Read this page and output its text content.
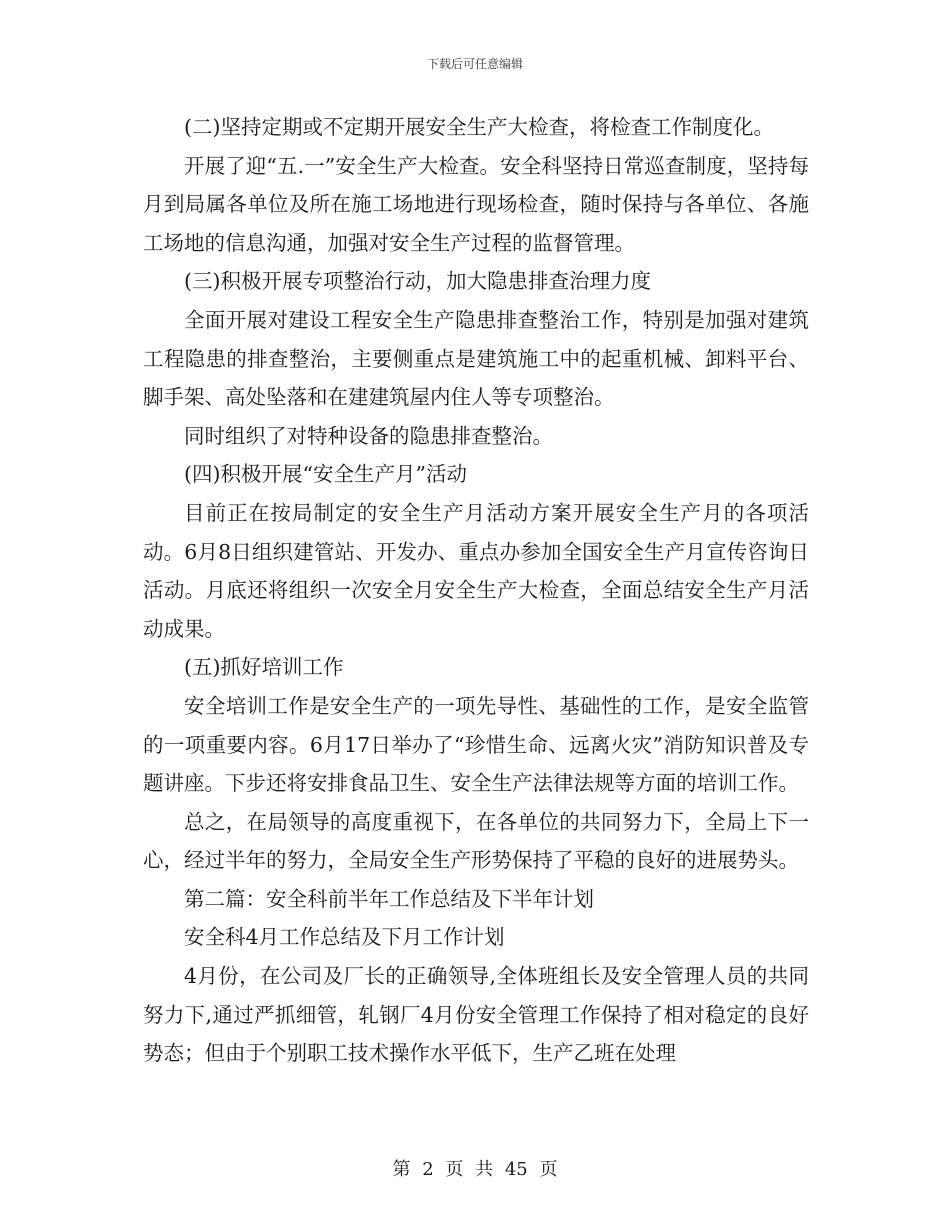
下载后可任意编辑

(二)坚持定期或不定期开展安全生产大检查，将检查工作制度化。

开展了迎“五.一”安全生产大检查。安全科坚持日常巡查制度，坚持每月到局属各单位及所在施工场地进行现场检查，随时保持与各单位、各施工场地的信息沟通，加强对安全生产过程的监督管理。

(三)积极开展专项整治行动，加大隐患排查治理力度

全面开展对建设工程安全生产隐患排查整治工作，特别是加强对建筑工程隐患的排查整治，主要侧重点是建筑施工中的起重机械、卸料平台、脚手架、高处坠落和在建建筑屋内住人等专项整治。

同时组织了对特种设备的隐患排查整治。

(四)积极开展“安全生产月”活动

目前正在按局制定的安全生产月活动方案开展安全生产月的各项活动。6月8日组织建管站、开发办、重点办参加全国安全生产月宣传咨询日活动。月底还将组织一次安全月安全生产大检查，全面总结安全生产月活动成果。

(五)抓好培训工作

安全培训工作是安全生产的一项先导性、基础性的工作，是安全监管的一项重要内容。6月17日举办了“珍惜生命、远离火灾”消防知识普及专题讲座。下步还将安排食品卫生、安全生产法律法规等方面的培训工作。

总之，在局领导的高度重视下，在各单位的共同努力下，全局上下一心，经过半年的努力，全局安全生产形势保持了平稳的良好的进展势头。

第二篇：安全科前半年工作总结及下半年计划

安全科4月工作总结及下月工作计划

4月份，在公司及厂长的正确领导,全体班组长及安全管理人员的共同努力下,通过严抓细管，轧钢厂4月份安全管理工作保持了相对稳定的良好势态；但由于个别职工技术操作水平低下，生产乙班在处理

第 2 页 共 45 页
